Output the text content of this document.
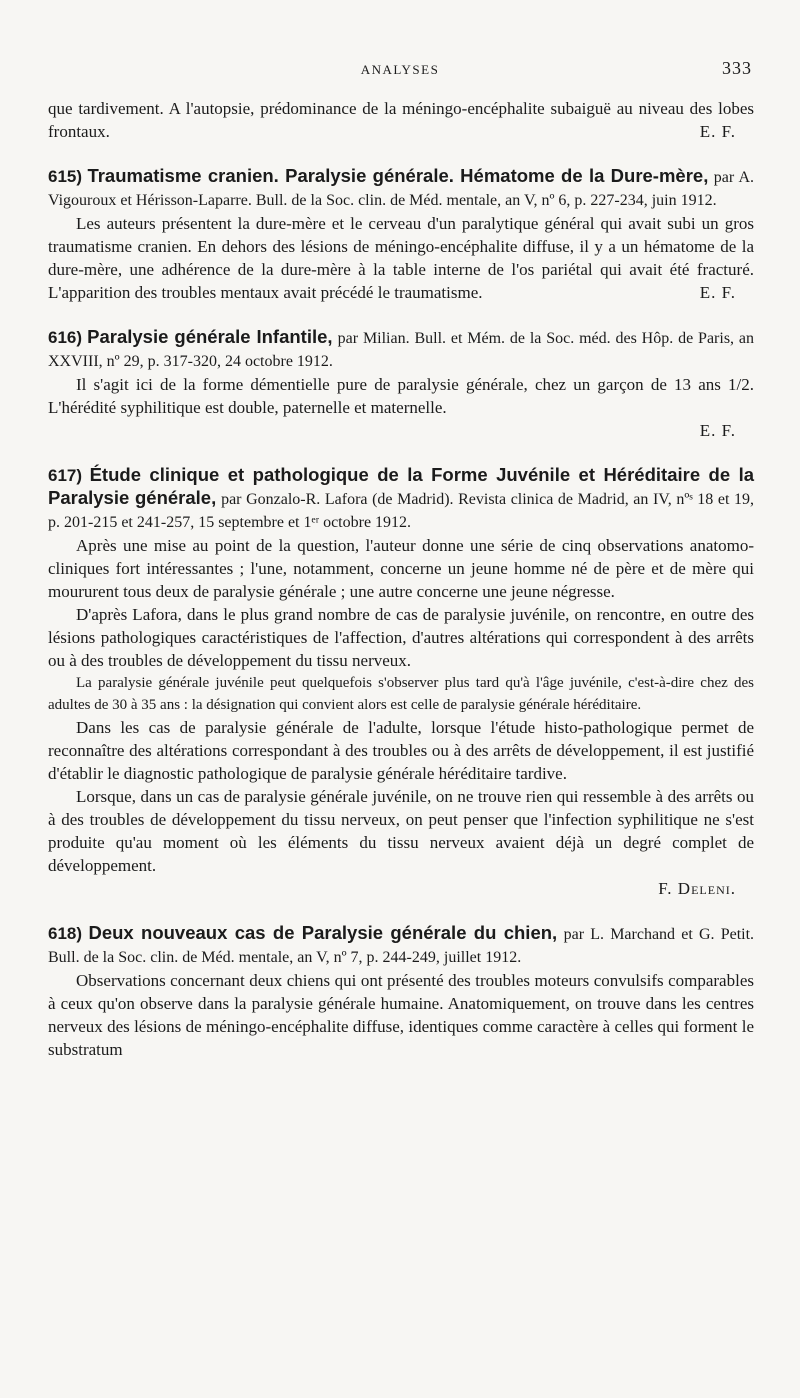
ANALYSES	333

que tardivement. A l'autopsie, prédominance de la méningo-encéphalite subaiguë au niveau des lobes frontaux.	E. F.

615) Traumatisme cranien. Paralysie générale. Hématome de la Dure-mère, par A. Vigouroux et Hérisson-Laparre. Bull. de la Soc. clin. de Méd. mentale, an V, nº 6, p. 227-234, juin 1912.

Les auteurs présentent la dure-mère et le cerveau d'un paralytique général qui avait subi un gros traumatisme cranien. En dehors des lésions de méningo-encéphalite diffuse, il y a un hématome de la dure-mère, une adhérence de la dure-mère à la table interne de l'os pariétal qui avait été fracturé. L'apparition des troubles mentaux avait précédé le traumatisme.	E. F.

616) Paralysie générale Infantile, par Milian. Bull. et Mém. de la Soc. méd. des Hôp. de Paris, an XXVIII, nº 29, p. 317-320, 24 octobre 1912.

Il s'agit ici de la forme démentielle pure de paralysie générale, chez un garçon de 13 ans 1/2. L'hérédité syphilitique est double, paternelle et maternelle.

E. F.

617) Étude clinique et pathologique de la Forme Juvénile et Héréditaire de la Paralysie générale, par Gonzalo-R. Lafora (de Madrid). Revista clinica de Madrid, an IV, nºˢ 18 et 19, p. 201-215 et 241-257, 15 septembre et 1ᵉʳ octobre 1912.

Après une mise au point de la question, l'auteur donne une série de cinq observations anatomo-cliniques fort intéressantes ; l'une, notamment, concerne un jeune homme né de père et de mère qui moururent tous deux de paralysie générale ; une autre concerne une jeune négresse.

D'après Lafora, dans le plus grand nombre de cas de paralysie juvénile, on rencontre, en outre des lésions pathologiques caractéristiques de l'affection, d'autres altérations qui correspondent à des arrêts ou à des troubles de développement du tissu nerveux.

La paralysie générale juvénile peut quelquefois s'observer plus tard qu'à l'âge juvénile, c'est-à-dire chez des adultes de 30 à 35 ans : la désignation qui convient alors est celle de paralysie générale héréditaire.

Dans les cas de paralysie générale de l'adulte, lorsque l'étude histo-pathologique permet de reconnaître des altérations correspondant à des troubles ou à des arrêts de développement, il est justifié d'établir le diagnostic pathologique de paralysie générale héréditaire tardive.

Lorsque, dans un cas de paralysie générale juvénile, on ne trouve rien qui ressemble à des arrêts ou à des troubles de développement du tissu nerveux, on peut penser que l'infection syphilitique ne s'est produite qu'au moment où les éléments du tissu nerveux avaient déjà un degré complet de développement.

F. Deleni.

618) Deux nouveaux cas de Paralysie générale du chien, par L. Marchand et G. Petit. Bull. de la Soc. clin. de Méd. mentale, an V, nº 7, p. 244-249, juillet 1912.

Observations concernant deux chiens qui ont présenté des troubles moteurs convulsifs comparables à ceux qu'on observe dans la paralysie générale humaine. Anatomiquement, on trouve dans les centres nerveux des lésions de méningo-encéphalite diffuse, identiques comme caractère à celles qui forment le substratum
